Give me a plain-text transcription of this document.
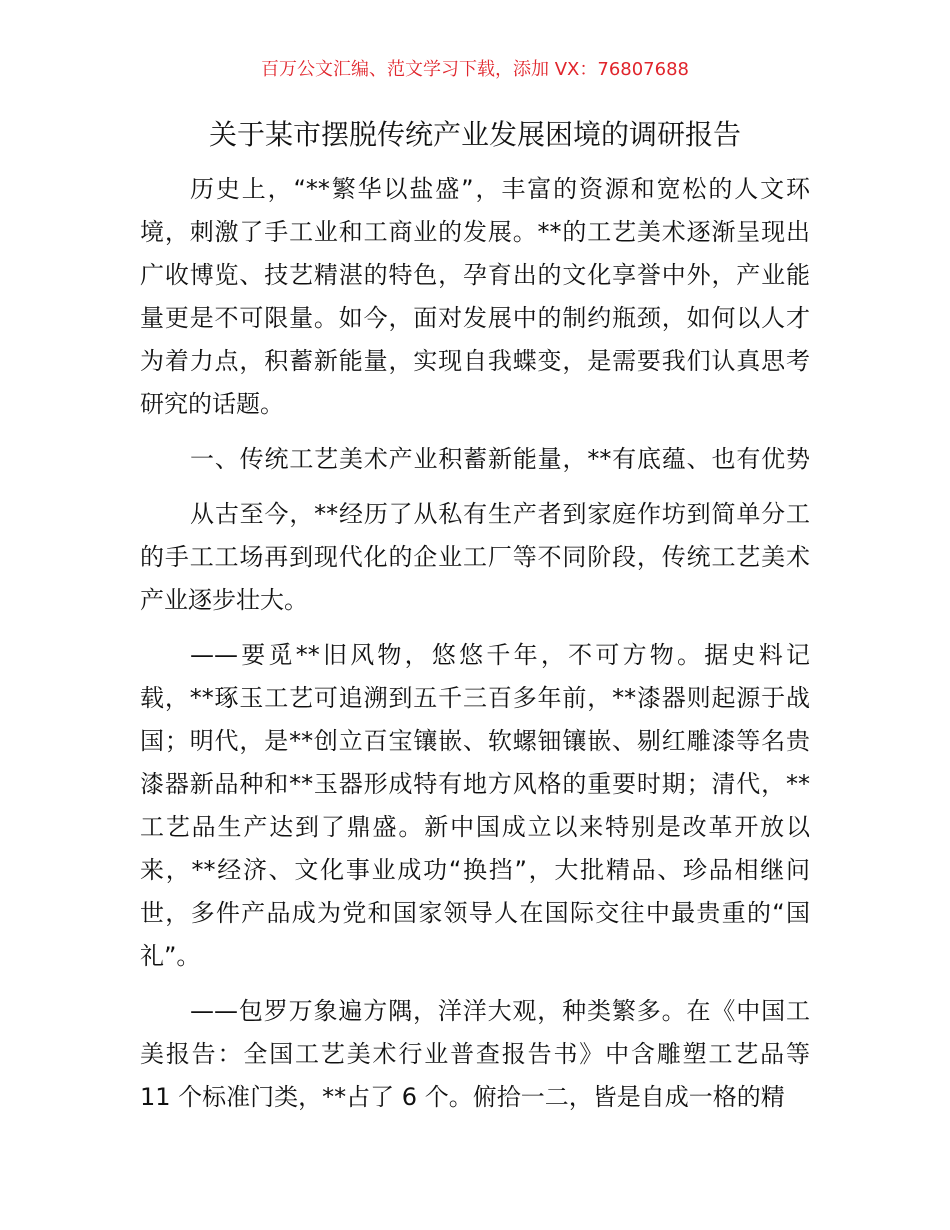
百万公文汇编、范文学习下载，添加 VX：76807688
关于某市摆脱传统产业发展困境的调研报告
历史上，“**繁华以盐盛”，丰富的资源和宽松的人文环
境，刺激了手工业和工商业的发展。**的工艺美术逐渐呈现出
广收博览、技艺精湛的特色，孕育出的文化享誉中外，产业能
量更是不可限量。如今，面对发展中的制约瓶颈，如何以人才
为着力点，积蓄新能量，实现自我蝶变，是需要我们认真思考
研究的话题。
一、传统工艺美术产业积蓄新能量，**有底蕴、也有优势
从古至今，**经历了从私有生产者到家庭作坊到简单分工
的手工工场再到现代化的企业工厂等不同阶段，传统工艺美术
产业逐步壮大。
——要觅**旧风物，悠悠千年，不可方物。据史料记
载，**琢玉工艺可追溯到五千三百多年前，**漆器则起源于战
国；明代，是**创立百宝镶嵌、软螺钿镶嵌、剔红雕漆等名贵
漆器新品种和**玉器形成特有地方风格的重要时期；清代，**
工艺品生产达到了鼎盛。新中国成立以来特别是改革开放以
来，**经济、文化事业成功“换挡”，大批精品、珍品相继问
世，多件产品成为党和国家领导人在国际交往中最贵重的“国
礼”。
——包罗万象遍方隅，洋洋大观，种类繁多。在《中国工
美报告：全国工艺美术行业普查报告书》中含雕塑工艺品等
11 个标准门类，**占了 6 个。俯拾一二，皆是自成一格的精
